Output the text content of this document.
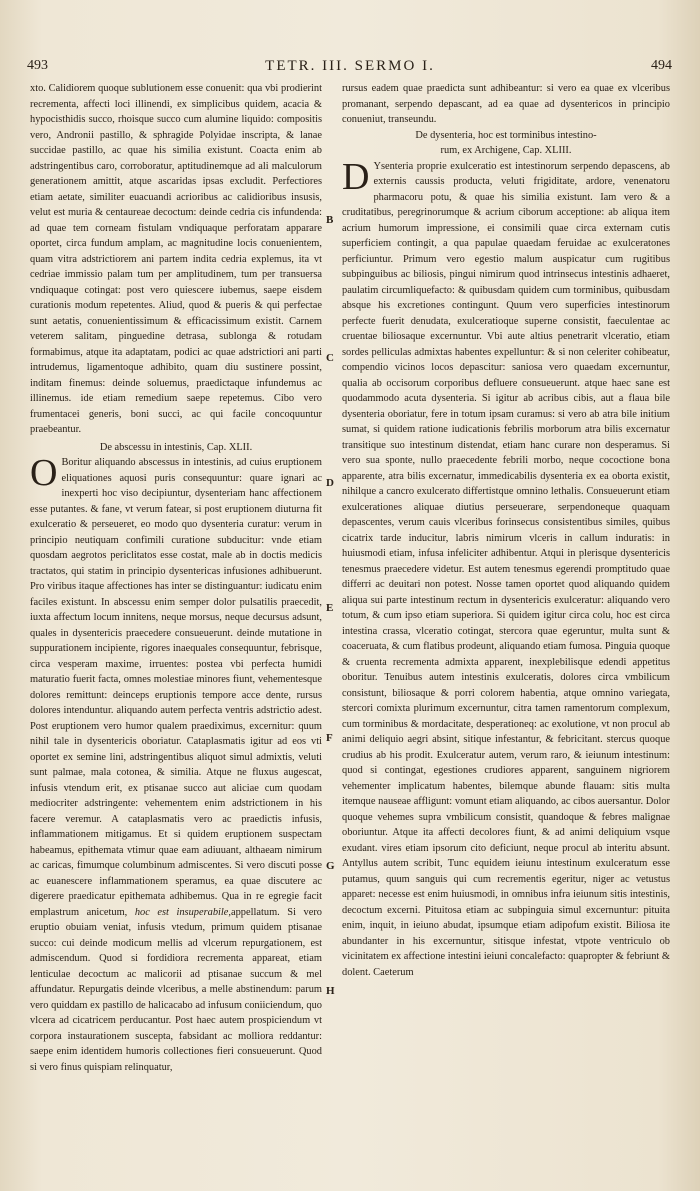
493	TETR. III. SERMO I.	494

xto. Calidiorem quoque sublutionem esse conuenit: qua vbi prodierint recrementa, affecti loci illinendi, ex simplicibus quidem, acacia & hypocisthidis succo, rhoisque succo cum alumine liquido: compositis vero, Andronii pastillo, & sphragide Polyidae inscripta, & lanae succidae pastillo, ac quae his similia existunt. Coacta enim ab adstringentibus caro, corroboratur, aptitudinemque ad ali malculorum generationem amittit, atque ascaridas ipsas excludit. Perfectiores etiam aetate, similiter euacuandi acrioribus ac calidioribus insusis, velut est muria & centaureae decoctum: deinde cedria cis infundenda: ad quae tem corneam fistulam vndiquaque perforatam apparare oportet, circa fundum amplam, ac magnitudine locis conuenientem, quam vitra adstrictiorem ani partem indita cedria explemus, ita vt cedriae immissio palam tum per amplitudinem, tum per transuersa vndiquaque cotingat: post vero quiescere iubemus, saepe eisdem curationis modum repetentes. Aliud, quod & pueris & qui perfectae sunt aetatis, conuenientissimum & efficacissimum existit. Carnem veterem salitam, pinguedine detrasa, sublonga & rotudam formabimus, atque ita adaptatam, podici ac quae adstrictiori ani parti intrudemus, ligamentoque adhibito, quam diu sustinere possint, inditam finemus: deinde soluemus, praedictaque infundemus ac illinemus. ide etiam remedium saepe repetemus. Cibo vero frumentacei generis, boni succi, ac qui facile concoquuntur praebeantur.

De abscessu in intestinis, Cap. XLII.

O Boritur aliquando abscessus in intestinis, ad cuius eruptionem eliquationes aquosi puris consequuntur: quare ignari ac inexperti hoc viso decipiuntur, dysenteriam hanc affectionem esse putantes. & fane, vt verum fatear, si post eruptionem diuturna fit exulceratio & perseueret, eo modo quo dysenteria curatur: verum in principio neutiquam confimili curatione subducitur: vnde etiam quosdam aegrotos periclitatos esse costat, male ab in doctis medicis tractatos, qui statim in principio dysentericas infusiones adhibuerunt. Pro viribus itaque affectiones has inter se distinguantur: iudicatu enim faciles existunt. In abscessu enim semper dolor pulsatilis praecedit, iuxta affectum locum innitens, neque morsus, neque decursus adsunt, quales in dysentericis praecedere consueuerunt. deinde mutatione in suppurationem incipiente, rigores inaequales consequuntur, febrisque, circa vesperam maxime, irruentes: postea vbi perfecta humidi maturatio fuerit facta, omnes molestiae minores fiunt, vehementesque dolores remittunt: deinceps eruptionis tempore acce dente, rursus dolores intenduntur. aliquando autem perfecta ventris adstrictio adest. Post eruptionem vero humor qualem praediximus, excernitur: quum nihil tale in dysentericis oboriatur. Cataplasmatis igitur ad eos vti oportet ex semine lini, adstringentibus aliquot simul admixtis, veluti sunt palmae, mala cotonea, & similia. Atque ne fluxus augescat, infusis vtendum erit, ex ptisanae succo aut aliciae cum quodam mediocriter adstringente: vehementem enim adstrictionem in his facere veremur. A cataplasmatis vero ac praedictis infusis, inflammationem mitigamus. Et si quidem eruptionem suspectam habeamus, epithemata vtimur quae eam adiuuant, althaeam nimirum ac caricas, fimumque columbinum admiscentes. Si vero discuti posse ac euanescere inflammationem speramus, ea quae discutere ac digerere praedicatur epithemata adhibemus. Qua in re egregie facit emplastrum anicetum, hoc est insuperabile,appellatum. Si vero eruptio obuiam veniat, infusis vtedum, primum quidem ptisanae succo: cui deinde modicum mellis ad vlcerum repurgationem, est admiscendum. Quod si fordidiora recrementa appareat, etiam lenticulae decoctum ac malicorii ad ptisanae succum & mel affundatur. Repurgatis deinde vlceribus, a melle abstinendum: parum vero quiddam ex pastillo de halicacabo ad infusum coniiciendum, quo vlcera ad cicatricem perducantur. Post haec autem prospiciendum vt corpora instaurationem suscepta, fabsidant ac molliora reddantur: saepe enim identidem humoris collectiones fieri consueuerunt. Quod si vero finus quispiam relinquatur,

rursus eadem quae praedicta sunt adhibeantur: si vero ea quae ex vlceribus promanant, serpendo depascant, ad ea quae ad dysentericos in principio conueniut, transeundu.

De dysenteria, hoc est torminibus intestino-

rum, ex Archigene, Cap. XLIII.

D Ysenteria proprie exulceratio est intestinorum serpendo depascens, ab externis caussis producta, veluti frigiditate, ardore, venenatoru pharmacoru potu, & quae his similia existunt. Iam vero & a cruditatibus, peregrinorumque & acrium ciborum acceptione: ab aliqua item acrium humorum impressione, ei consimili quae circa externam cutis superficiem contingit, a qua papulae quaedam feruidae ac exulceratones perficiuntur. Primum vero egestio malum auspicatur cum rugitibus subpinguibus ac biliosis, pingui nimirum quod intrinsecus intestinis adhaeret, paulatim circumliquefacto: & quibusdam quidem cum torminibus, quibusdam absque his excretiones contingunt. Quum vero superficies intestinorum perfecte fuerit denudata, exulceratioque superne consistit, faeculentae ac cruentae biliosaque excernuntur. Vbi aute altius penetrarit vlceratio, etiam sordes pelliculas admixtas habentes expelluntur: & si non celeriter cohibeatur, compendio vicinos locos depascitur: saniosa vero quaedam excernuntur, qualia ab occisorum corporibus defluere consueuerunt. atque haec sane est quodammodo acuta dysenteria. Si igitur ab acribus cibis, aut a flaua bile dysenteria oboriatur, fere in totum ipsam curamus: si vero ab atra bile initium sumat, si quidem ratione iudicationis febrilis morborum atra bilis excernatur transitique suo intestinum distendat, etiam hanc curare non desperamus. Si vero sua sponte, nullo praecedente febrili morbo, neque cococtione bona apparente, atra bilis excernatur, immedicabilis dysenteria ex ea oborta existit, nihilque a cancro exulcerato differtistque omnino lethalis. Consueuerunt etiam exulcerationes aliquae diutius perseuerare, serpendoneque quaquam depascentes, verum cauis vlceribus forinsecus consistentibus similes, quibus cicatrix tarde inducitur, labris nimirum vlceris in callum induratis: in huiusmodi etiam, infusa infeliciter adhibentur. Atqui in plerisque dysentericis tenesmus praecedere videtur. Est autem tenesmus egerendi promptitudo quae differri ac deuitari non potest. Nosse tamen oportet quod aliquando quidem aliqua sui parte intestinum rectum in dysentericis exulceratur: aliquando vero totum, & cum ipso etiam superiora. Si quidem igitur circa colu, hoc est circa intestina crassa, vlceratio cotingat, stercora quae egeruntur, multa sunt & coaceruata, & cum flatibus prodeunt, aliquando etiam fumosa. Pinguia quoque & cruenta recrementa admixta apparent, inexplebilisque edendi appetitus oboritur. Tenuibus autem intestinis exulceratis, dolores circa vmbilicum consistunt, biliosaque & porri colorem habentia, atque omnino variegata, stercori comixta plurimum excernuntur, citra tamen ramentorum complexum, cum torminibus & mordacitate, desperationeq: ac exolutione, vt non procul ab animi deliquio aegri absint, sitique infestantur, & febricitant. stercus quoque crudius ab his prodit. Exulceratur autem, verum raro, & ieiunum intestinum: quod si contingat, egestiones crudiores apparent, sanguinem nigriorem vehementer implicatum habentes, bilemque abunde flauam: sitis multa itemque nauseae affligunt: vomunt etiam aliquando, ac cibos auersantur. Dolor quoque vehemes supra vmbilicum consistit, quandoque & febres malignae oboriuntur. Atque ita affecti decolores fiunt, & ad animi deliquium vsque exudant. vires etiam ipsorum cito deficiunt, neque procul ab interitu absunt. Antyllus autem scribit, Tunc equidem ieiunu intestinum exulceratum esse putamus, quum sanguis qui cum recrementis egeritur, niger ac vetustus apparet: necesse est enim huiusmodi, in omnibus infra ieiunum sitis intestinis, decoctum excerni. Pituitosa etiam ac subpinguia simul excernuntur: pituita enim, inquit, in ieiuno abudat, ipsumque etiam adipofum existit. Biliosa ite abundanter in his excernuntur, sitisque infestat, vtpote ventriculo ob vicinitatem ex affectione intestini ieiuni concalefacto: quapropter & febriunt & dolent. Caeterum

B
C
D
E
F
G
H
